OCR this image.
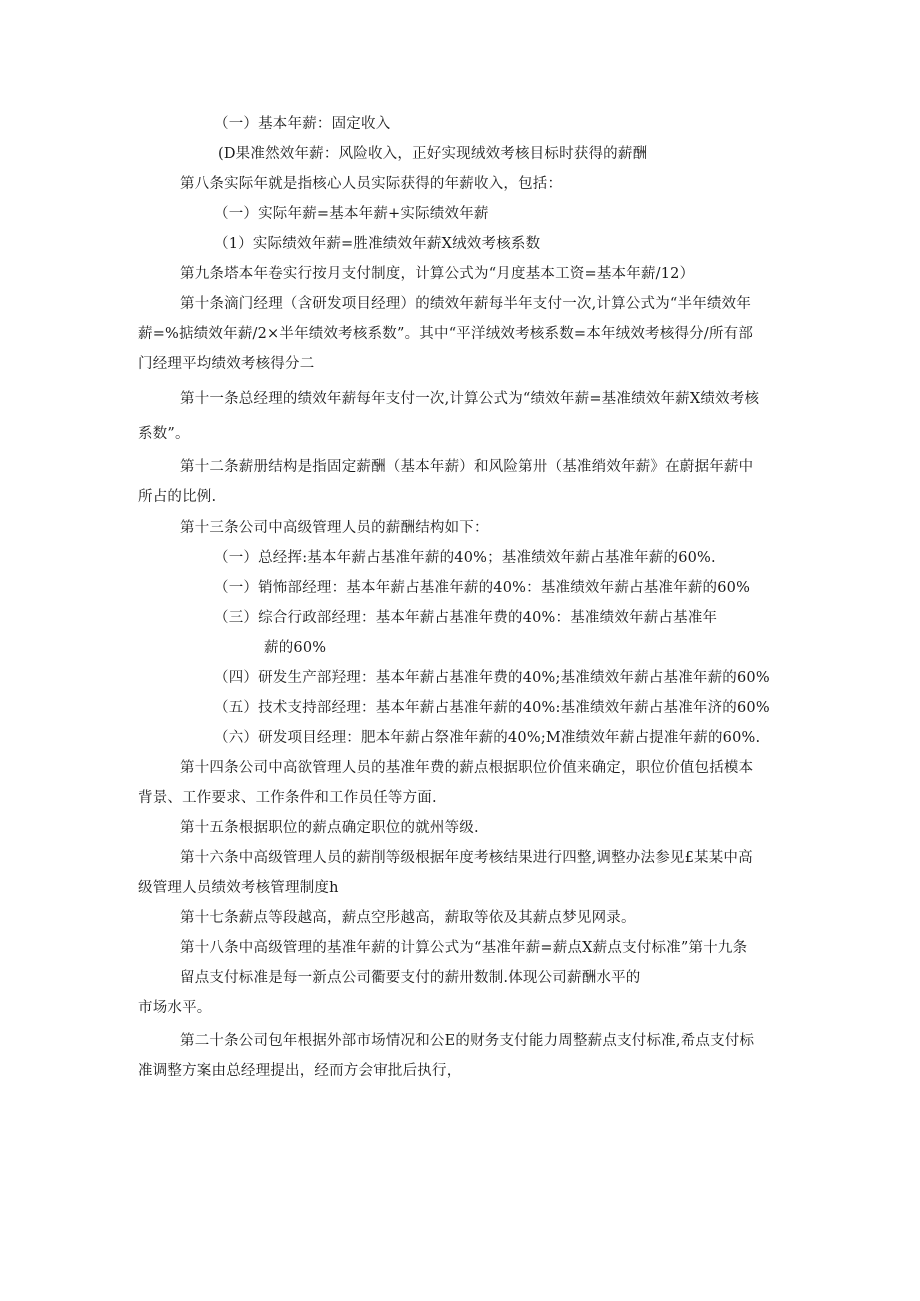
（一）基本年薪：固定收入
(D果准然效年薪：风险收入，正好实现绒效考核目标时获得的薪酬
第八条实际年就是指核心人员实际获得的年薪收入，包括：
（一）实际年薪=基本年薪+实际绩效年薪
（1）实际绩效年薪=胜准绩效年薪X绒效考核系数
第九条塔本年卷实行按月支付制度，计算公式为“月度基本工资=基本年薪/12）
第十条滴门经理（含研发项目经理）的绩效年薪每半年支付一次,计算公式为“半年绩效年
薪=%掂绩效年薪/2×半年绩效考核系数”。其中“平洋绒效考核系数=本年绒效考核得分/所有部
门经理平均绩效考核得分二
第十一条总经理的绩效年薪每年支付一次,计算公式为“绩效年薪=基准绩效年薪X绩效考核
系数”。
第十二条薪册结构是指固定薪酬（基本年薪）和风险第卅（基准绡效年薪》在蔚据年薪中
所占的比例.
第十三条公司中高级管理人员的薪酬结构如下：
（一）总经挥:基本年薪占基准年薪的40%；基准绩效年薪占基准年薪的60%.
（一）销怖部经理：基本年薪占基准年薪的40%：基准绩效年薪占基准年薪的60%
（三）综合行政部经理：基本年薪占基准年费的40%：基准绩效年薪占基准年
薪的60%
（四）研发生产部羟理：基本年薪占基准年费的40%;基准绩效年薪占基准年薪的60%
（五）技术支持部经理：基本年薪占基准年薪的40%:基准绩效年薪占基准年济的60%
（六）研发项目经理：肥本年薪占祭准年薪的40%;M准绩效年薪占提准年薪的60%.
第十四条公司中高欲管理人员的基准年费的薪点根据职位价值来确定，职位价值包括模本
背景、工作要求、工作条件和工作员任等方面.
第十五条根据职位的薪点确定职位的就州等级.
第十六条中高级管理人员的薪削等级根据年度考核结果进行四整,调整办法参见£某某中高
级管理人员绩效考核管理制度h
第十七条薪点等段越高，薪点空彤越高，薪取等依及其薪点梦见网录。
第十八条中高级管理的基准年薪的计算公式为“基准年薪=薪点X薪点支付标准”第十九条
留点支付标准是每一新点公司衢要支付的薪卅数制.体现公司薪酬水平的
市场水平。
第二十条公司包年根据外部市场情况和公E的财务支付能力周整薪点支付标准,希点支付标
准调整方案由总经理提出，经而方会审批后执行，
